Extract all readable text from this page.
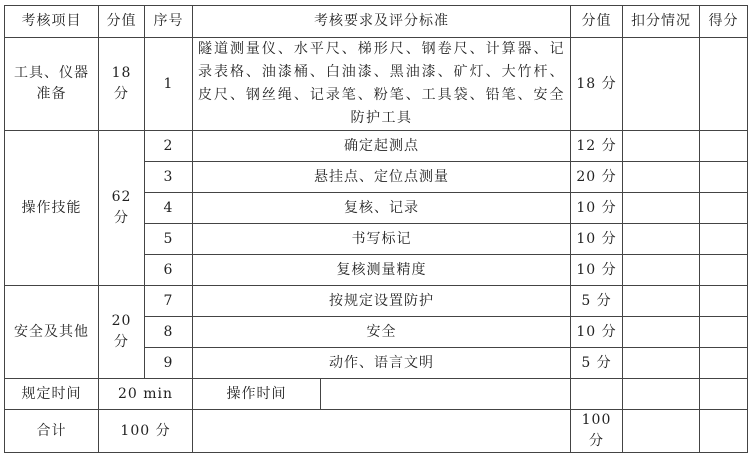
考核项目	分值	序号	考核要求及评分标准		分值	扣分情况	得分
工具、仪器准备	18 分	1	隧道测量仪、水平尺、梯形尺、钢卷尺、计算器、记录表格、油漆桶、白油漆、黑油漆、矿灯、大竹杆、皮尺、钢丝绳、记录笔、粉笔、工具袋、铅笔、安全防护工具		18 分		
操作技能	62 分	2	确定起测点		12 分		
		3	悬挂点、定位点测量		20 分		
		4	复核、记录		10 分		
		5	书写标记		10 分		
		6	复核测量精度		10 分		
安全及其他	20 分	7	按规定设置防护		5 分		
		8	安全		10 分		
		9	动作、语言文明		5 分		
规定时间	20 min		操作时间				
合计	100 分				100 分		
